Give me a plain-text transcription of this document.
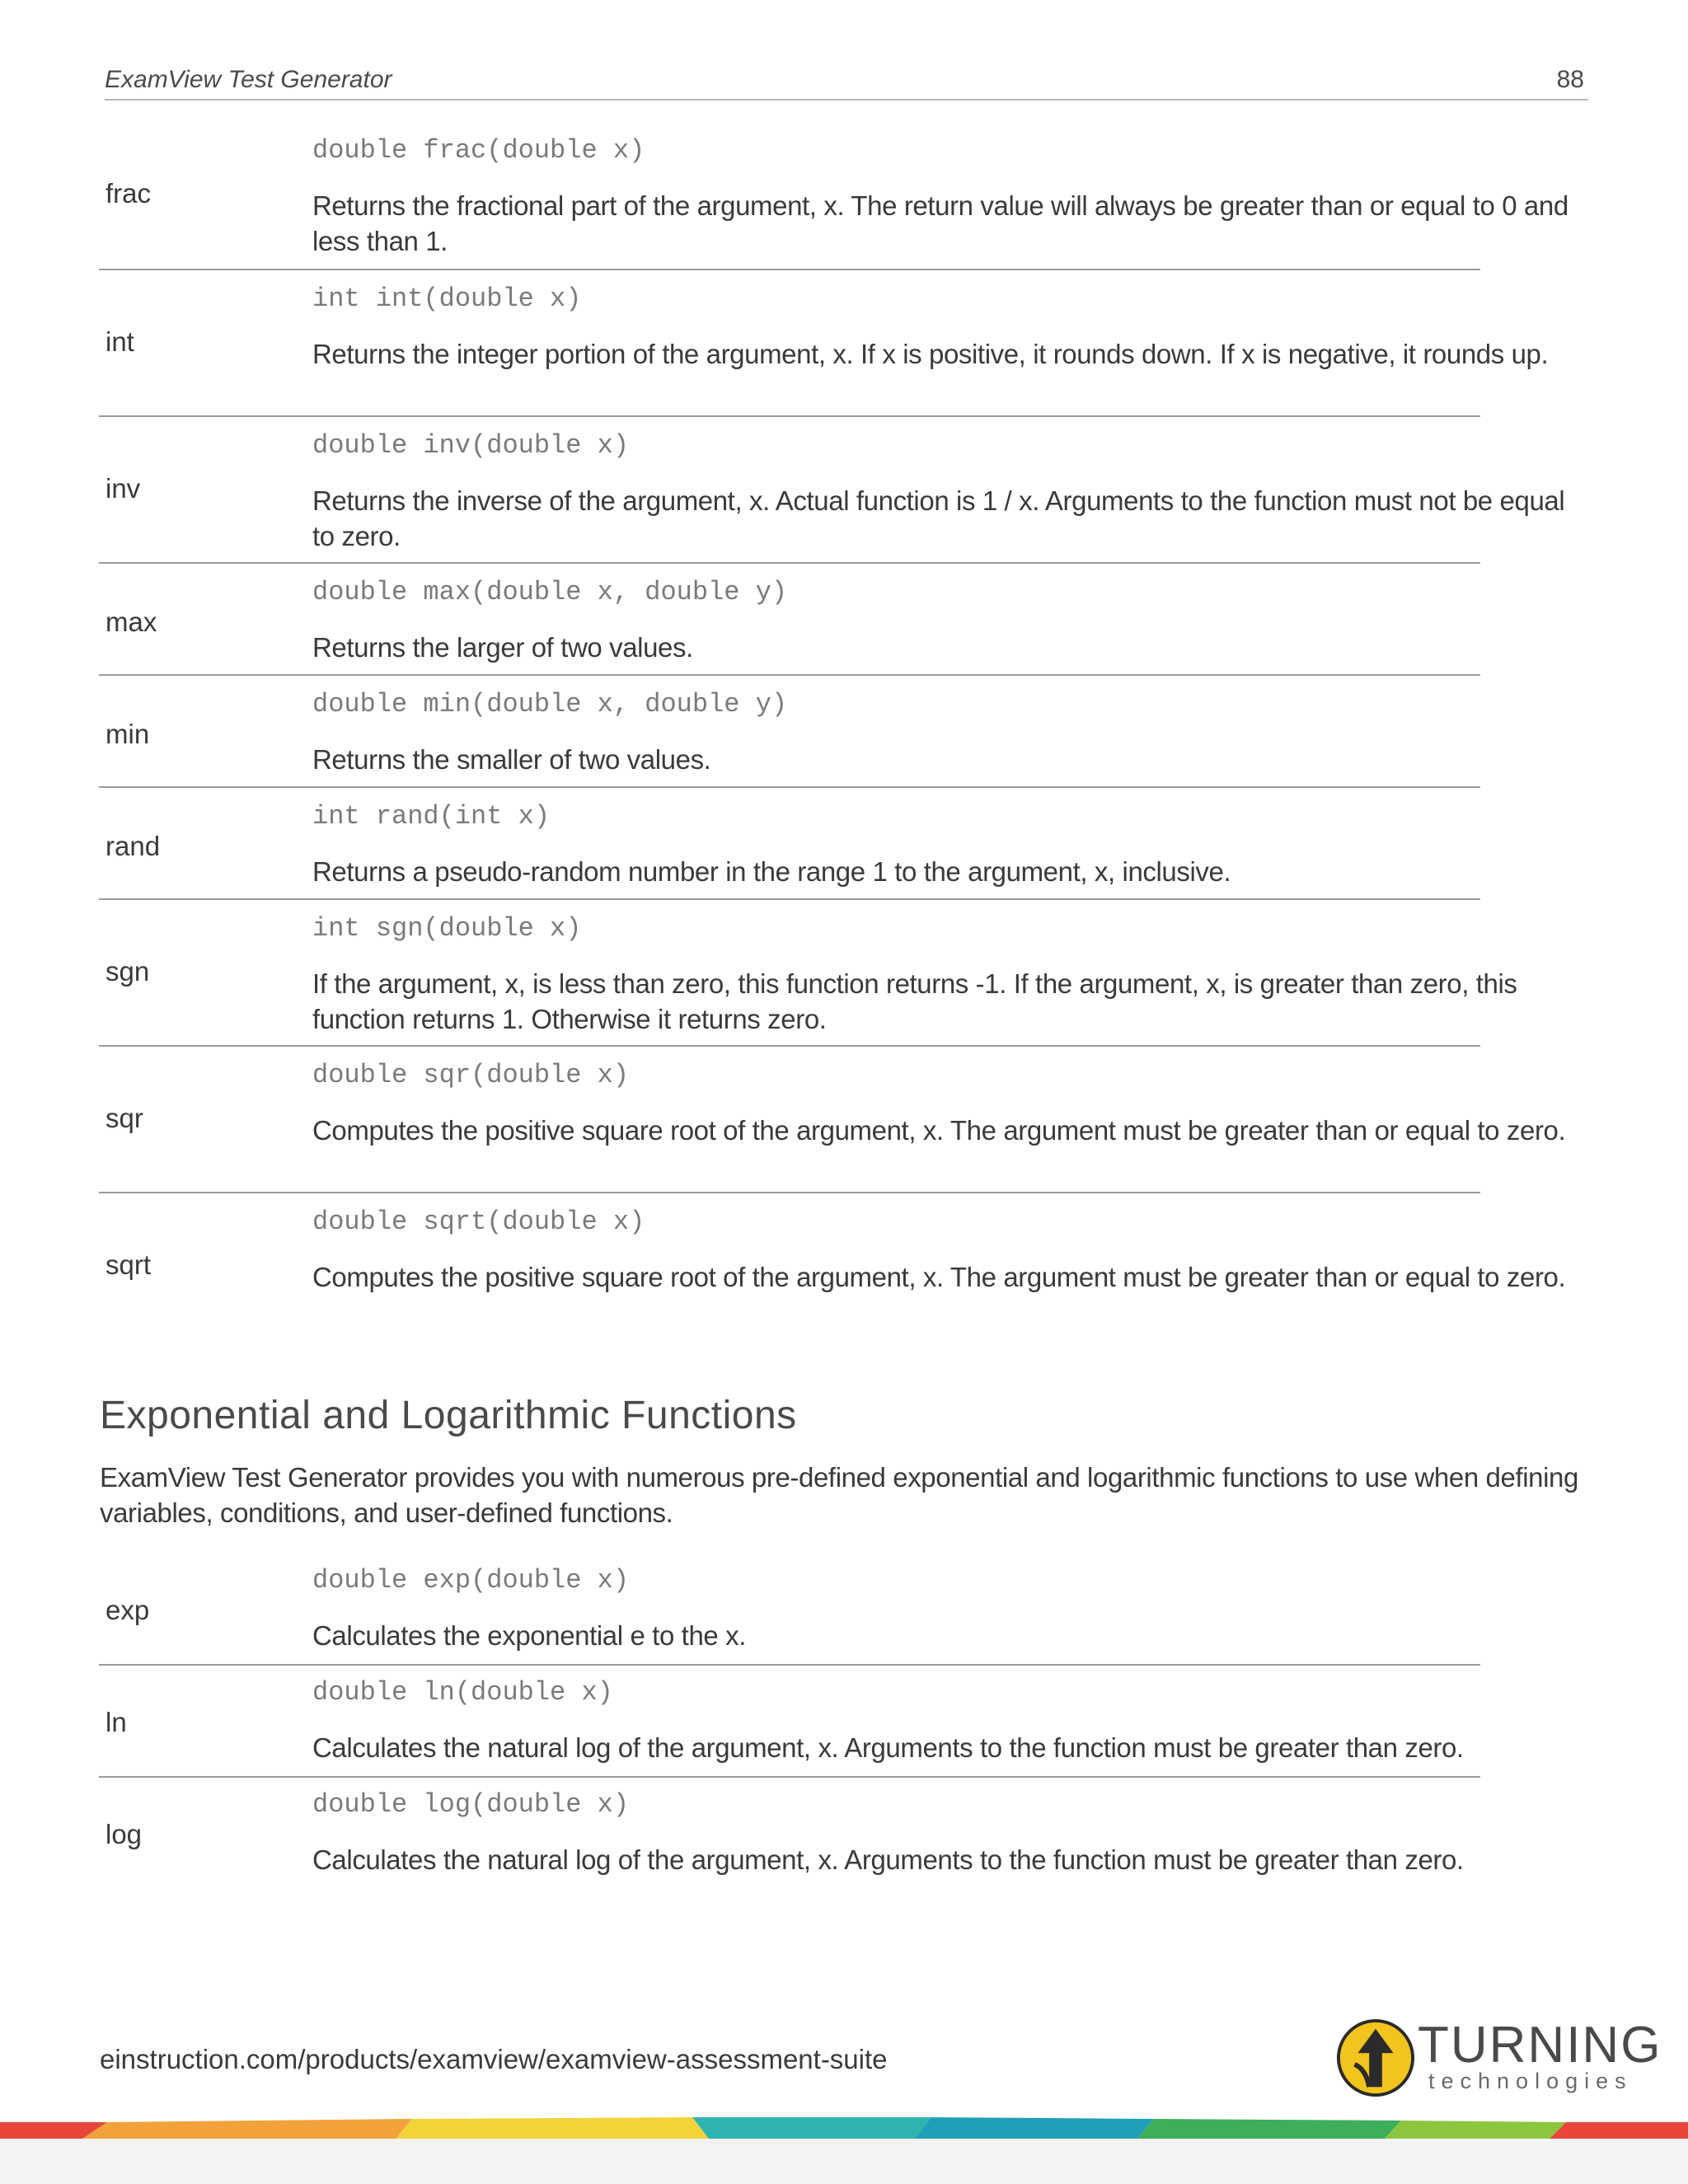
ExamView Test Generator	88
frac
double frac(double x)
Returns the fractional part of the argument, x. The return value will always be greater than or equal to 0 and less than 1.
int
int int(double x)
Returns the integer portion of the argument, x. If x is positive, it rounds down. If x is negative, it rounds up.
inv
double inv(double x)
Returns the inverse of the argument, x. Actual function is 1 / x. Arguments to the function must not be equal to zero.
max
double max(double x, double y)
Returns the larger of two values.
min
double min(double x, double y)
Returns the smaller of two values.
rand
int rand(int x)
Returns a pseudo-random number in the range 1 to the argument, x, inclusive.
sgn
int sgn(double x)
If the argument, x, is less than zero, this function returns -1. If the argument, x, is greater than zero, this function returns 1. Otherwise it returns zero.
sqr
double sqr(double x)
Computes the positive square root of the argument, x. The argument must be greater than or equal to zero.
sqrt
double sqrt(double x)
Computes the positive square root of the argument, x. The argument must be greater than or equal to zero.
Exponential and Logarithmic Functions
ExamView Test Generator provides you with numerous pre-defined exponential and logarithmic functions to use when defining variables, conditions, and user-defined functions.
exp
double exp(double x)
Calculates the exponential e to the x.
ln
double ln(double x)
Calculates the natural log of the argument, x. Arguments to the function must be greater than zero.
log
double log(double x)
Calculates the natural log of the argument, x. Arguments to the function must be greater than zero.
einstruction.com/products/examview/examview-assessment-suite	TURNING
technologies
